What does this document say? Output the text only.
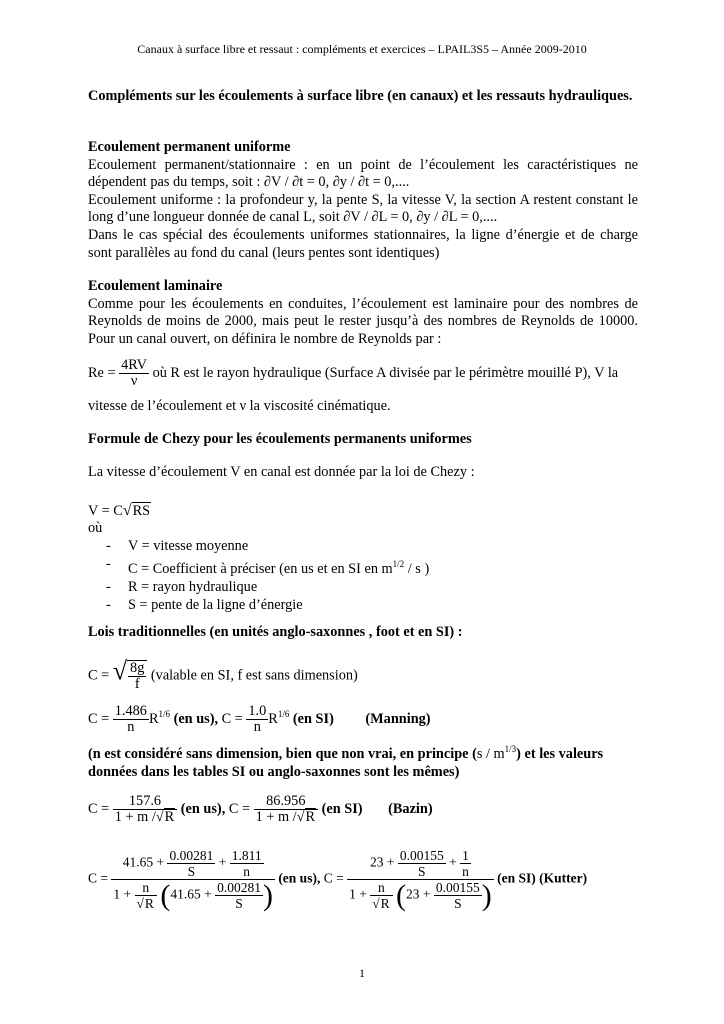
Canaux à surface libre et ressaut : compléments et exercices – LPAIL3S5 – Année 2009-2010
Compléments sur les écoulements à surface libre (en canaux) et les ressauts hydrauliques.
Ecoulement permanent uniforme
Ecoulement permanent/stationnaire : en un point de l’écoulement les caractéristiques ne dépendent pas du temps, soit : ∂V / ∂t = 0, ∂y / ∂t = 0,....
Ecoulement uniforme : la profondeur y, la pente S, la vitesse V, la section A restent constant le long d’une longueur donnée de canal L, soit ∂V / ∂L = 0, ∂y / ∂L = 0,....
Dans le cas spécial des écoulements uniformes stationnaires, la ligne d’énergie et de charge sont parallèles au fond du canal (leurs pentes sont identiques)
Ecoulement laminaire
Comme pour les écoulements en conduites, l’écoulement est laminaire pour des nombres de Reynolds de moins de 2000, mais peut le rester jusqu’à des nombres de Reynolds de 10000. Pour un canal ouvert, on définira le nombre de Reynolds par :
$Re = \frac{4RV}{\nu}$ où R est le rayon hydraulique (Surface A divisée par le périmètre mouillé P), V la
vitesse de l’écoulement et ν la viscosité cinématique.
Formule de Chezy pour les écoulements permanents uniformes
La vitesse d’écoulement V en canal est donnée par la loi de Chezy :
V = C√RS
où
- V = vitesse moyenne
- C = Coefficient à préciser (en us et en SI en $m^{1/2}$ / s )
- R = rayon hydraulique
- S = pente de la ligne d’énergie
Lois traditionnelles (en unités anglo-saxonnes , foot et en SI) :
C = √ $\frac{8g}{f}$ (valable en SI, f est sans dimension)
$C = \frac{1.486}{n} R^{1/6}$ (en us), $C = \frac{1.0}{n} R^{1/6}$ (en SI) (Manning)
(n est considéré sans dimension, bien que non vrai, en principe $(s / m^{1/3})$ et les valeurs données dans les tables SI ou anglo-saxonnes sont les mêmes)
$C = \frac{157.6}{1 + m /√R} (en$ us), $C = \frac{86.956}{1 + m /√R} (en$ SI) (Bazin)
$C = \frac{41.65 + \frac{0.00281}{S} + \frac{1.811}{n}}{1 + \frac{n}{√R} (41.65 + \frac{0.00281}{S} )} (en$ us), $C = \frac{23 + \frac{0.00155}{S} + \frac{1}{n}}{1 + \frac{n}{√R} (23 + \frac{0.00155}{S} )} (en$ SI) (Kutter)
1
